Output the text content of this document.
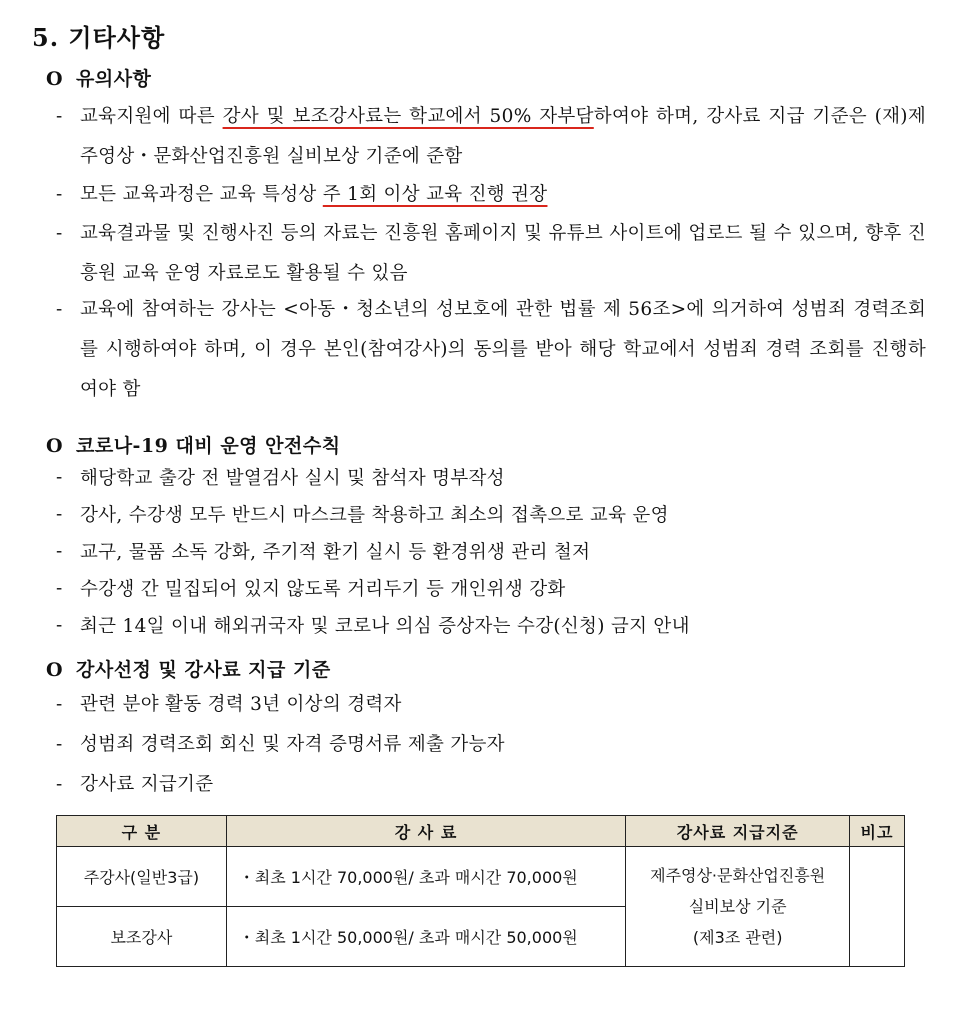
5. 기타사항
O 유의사항
- 교육지원에 따른 강사 및 보조강사료는 학교에서 50% 자부담하여야 하며, 강사료 지급 기준은 (재)제주영상・문화산업진흥원 실비보상 기준에 준함
- 모든 교육과정은 교육 특성상 주 1회 이상 교육 진행 권장
- 교육결과물 및 진행사진 등의 자료는 진흥원 홈페이지 및 유튜브 사이트에 업로드 될 수 있으며, 향후 진흥원 교육 운영 자료로도 활용될 수 있음
- 교육에 참여하는 강사는 <아동・청소년의 성보호에 관한 법률 제 56조>에 의거하여 성범죄 경력조회를 시행하여야 하며, 이 경우 본인(참여강사)의 동의를 받아 해당 학교에서 성범죄 경력 조회를 진행하여야 함
O 코로나-19 대비 운영 안전수칙
- 해당학교 출강 전 발열검사 실시 및 참석자 명부작성
- 강사, 수강생 모두 반드시 마스크를 착용하고 최소의 접촉으로 교육 운영
- 교구, 물품 소독 강화, 주기적 환기 실시 등 환경위생 관리 철저
- 수강생 간 밀집되어 있지 않도록 거리두기 등 개인위생 강화
- 최근 14일 이내 해외귀국자 및 코로나 의심 증상자는 수강(신청) 금지 안내
O 강사선정 및 강사료 지급 기준
- 관련 분야 활동 경력 3년 이상의 경력자
- 성범죄 경력조회 회신 및 자격 증명서류 제출 가능자
- 강사료 지급기준
구 분	강 사 료	강사료 지급지준	비고
주강사(일반3급)	・최초 1시간 70,000원/ 초과 매시간 70,000원	제주영상·문화산업진흥원
실비보상 기준
(제3조 관련)	

보조강사	・최초 1시간 50,000원/ 초과 매시간 50,000원		
